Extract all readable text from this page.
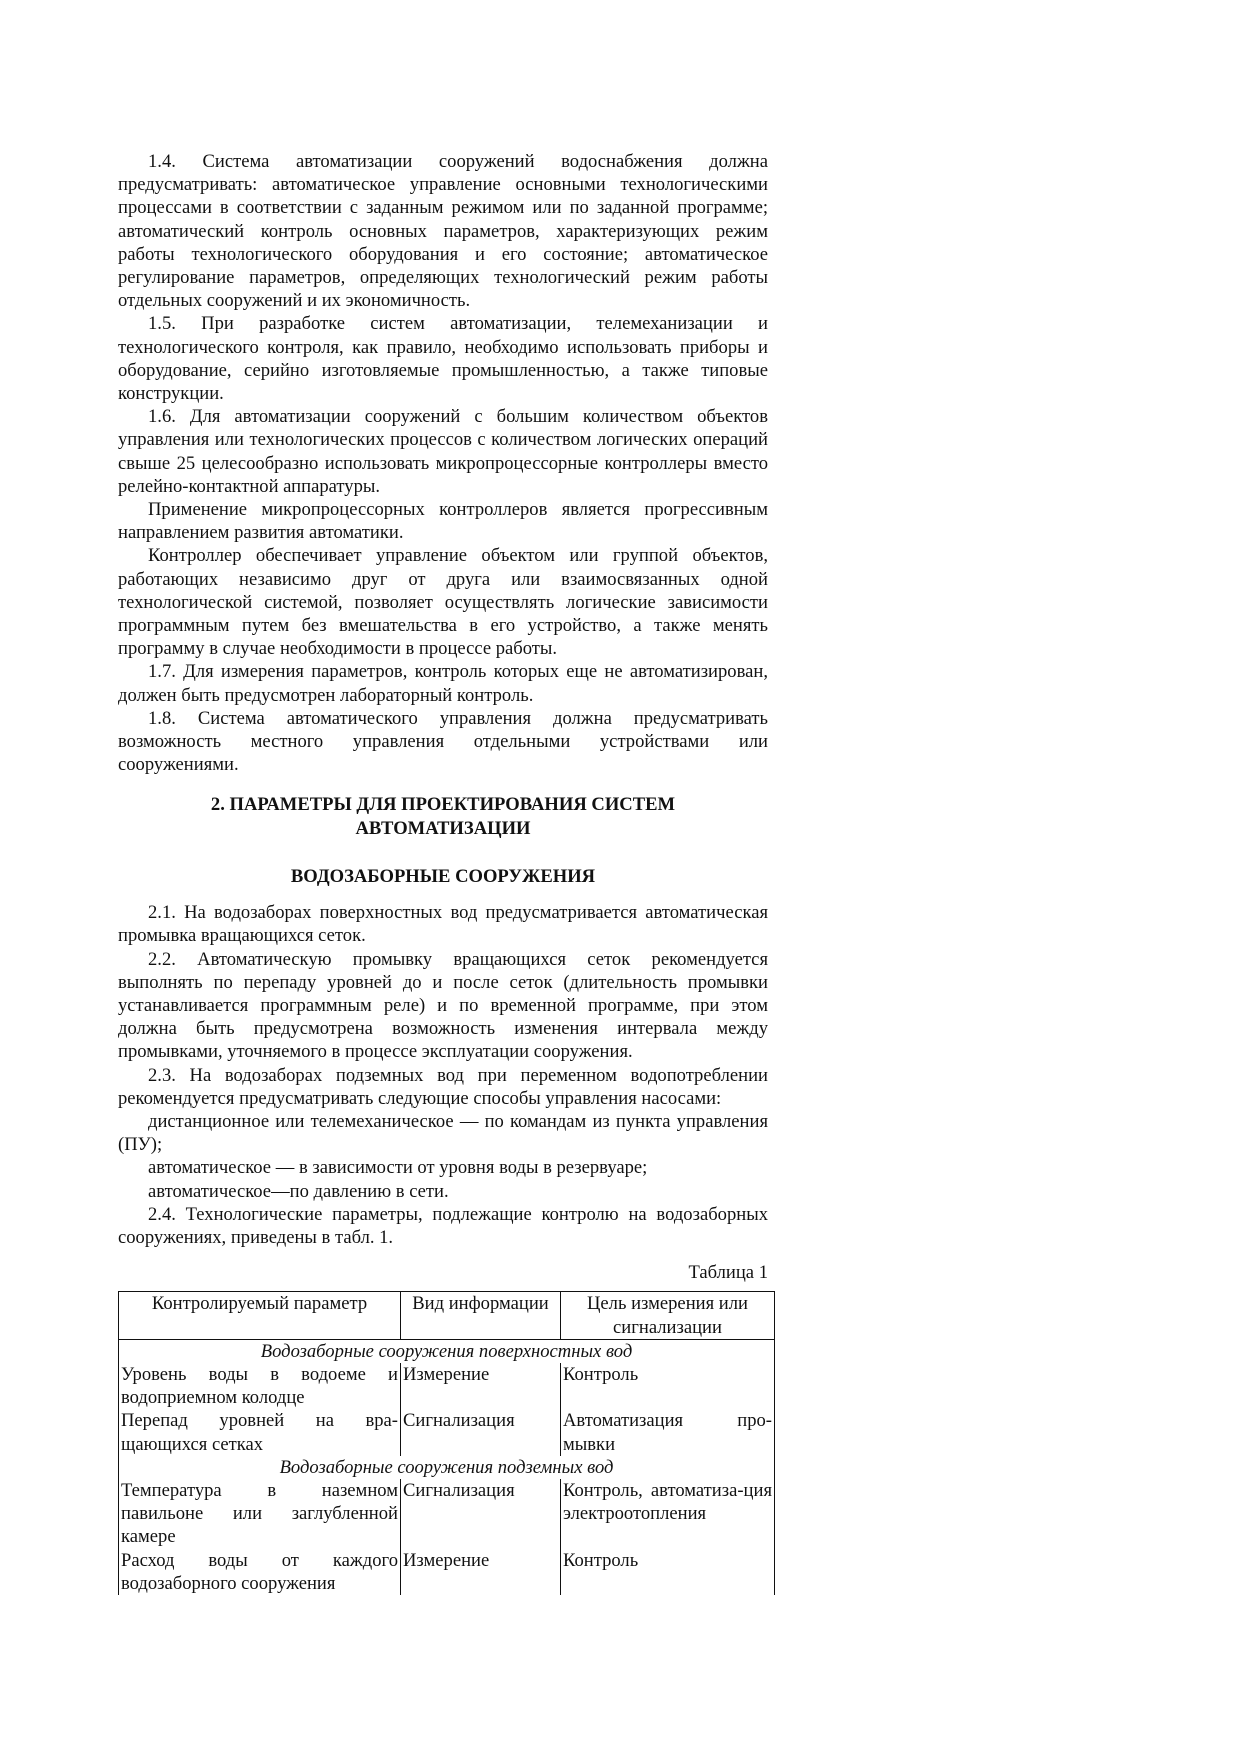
1.4. Система автоматизации сооружений водоснабжения должна предусматривать: автоматическое управление основными технологическими процессами в соответствии с заданным режимом или по заданной программе; автоматический контроль основных параметров, характеризующих режим работы технологического оборудования и его состояние; автоматическое регулирование параметров, определяющих технологический режим работы отдельных сооружений и их экономичность.

1.5. При разработке систем автоматизации, телемеханизации и технологического контроля, как правило, необходимо использовать приборы и оборудование, серийно изготовляемые промышленностью, а также типовые конструкции.

1.6. Для автоматизации сооружений с большим количеством объектов управления или технологических процессов с количеством логических операций свыше 25 целесообразно использовать микропроцессорные контроллеры вместо релейно-контактной аппаратуры.

Применение микропроцессорных контроллеров является прогрессивным направлением развития автоматики.

Контроллер обеспечивает управление объектом или группой объектов, работающих независимо друг от друга или взаимосвязанных одной технологической системой, позволяет осуществлять логические зависимости программным путем без вмешательства в его устройство, а также менять программу в случае необходимости в процессе работы.

1.7. Для измерения параметров, контроль которых еще не автоматизирован, должен быть предусмотрен лабораторный контроль.

1.8. Система автоматического управления должна предусматривать возможность местного управления отдельными устройствами или сооружениями.

2. ПАРАМЕТРЫ ДЛЯ ПРОЕКТИРОВАНИЯ СИСТЕМ АВТОМАТИЗАЦИИ
ВОДОЗАБОРНЫЕ СООРУЖЕНИЯ

2.1. На водозаборах поверхностных вод предусматривается автоматическая промывка вращающихся сеток.

2.2. Автоматическую промывку вращающихся сеток рекомендуется выполнять по перепаду уровней до и после сеток (длительность промывки устанавливается программным реле) и по временной программе, при этом должна быть предусмотрена возможность изменения интервала между промывками, уточняемого в процессе эксплуатации сооружения.

2.3. На водозаборах подземных вод при переменном водопотреблении рекомендуется предусматривать следующие способы управления насосами:

дистанционное или телемеханическое — по командам из пункта управления (ПУ);

автоматическое — в зависимости от уровня воды в резервуаре;

автоматическое—по давлению в сети.

2.4. Технологические параметры, подлежащие контролю на водозаборных сооружениях, приведены в табл. 1.

Таблица 1

Контролируемый параметр	Вид информации	Цель измерения или сигнализации
Водозаборные сооружения поверхностных вод		
Уровень воды в водоеме и водоприемном колодце	Измерение	Контроль
Перепад уровней на вра-щающихся сетках	Сигнализация	Автоматизация про-мывки
Водозаборные сооружения подземных вод		
Температура в наземном павильоне или заглубленной камере	Сигнализация	Контроль, автоматиза-ция электроотопления
Расход воды от каждого водозаборного сооружения	Измерение	Контроль
